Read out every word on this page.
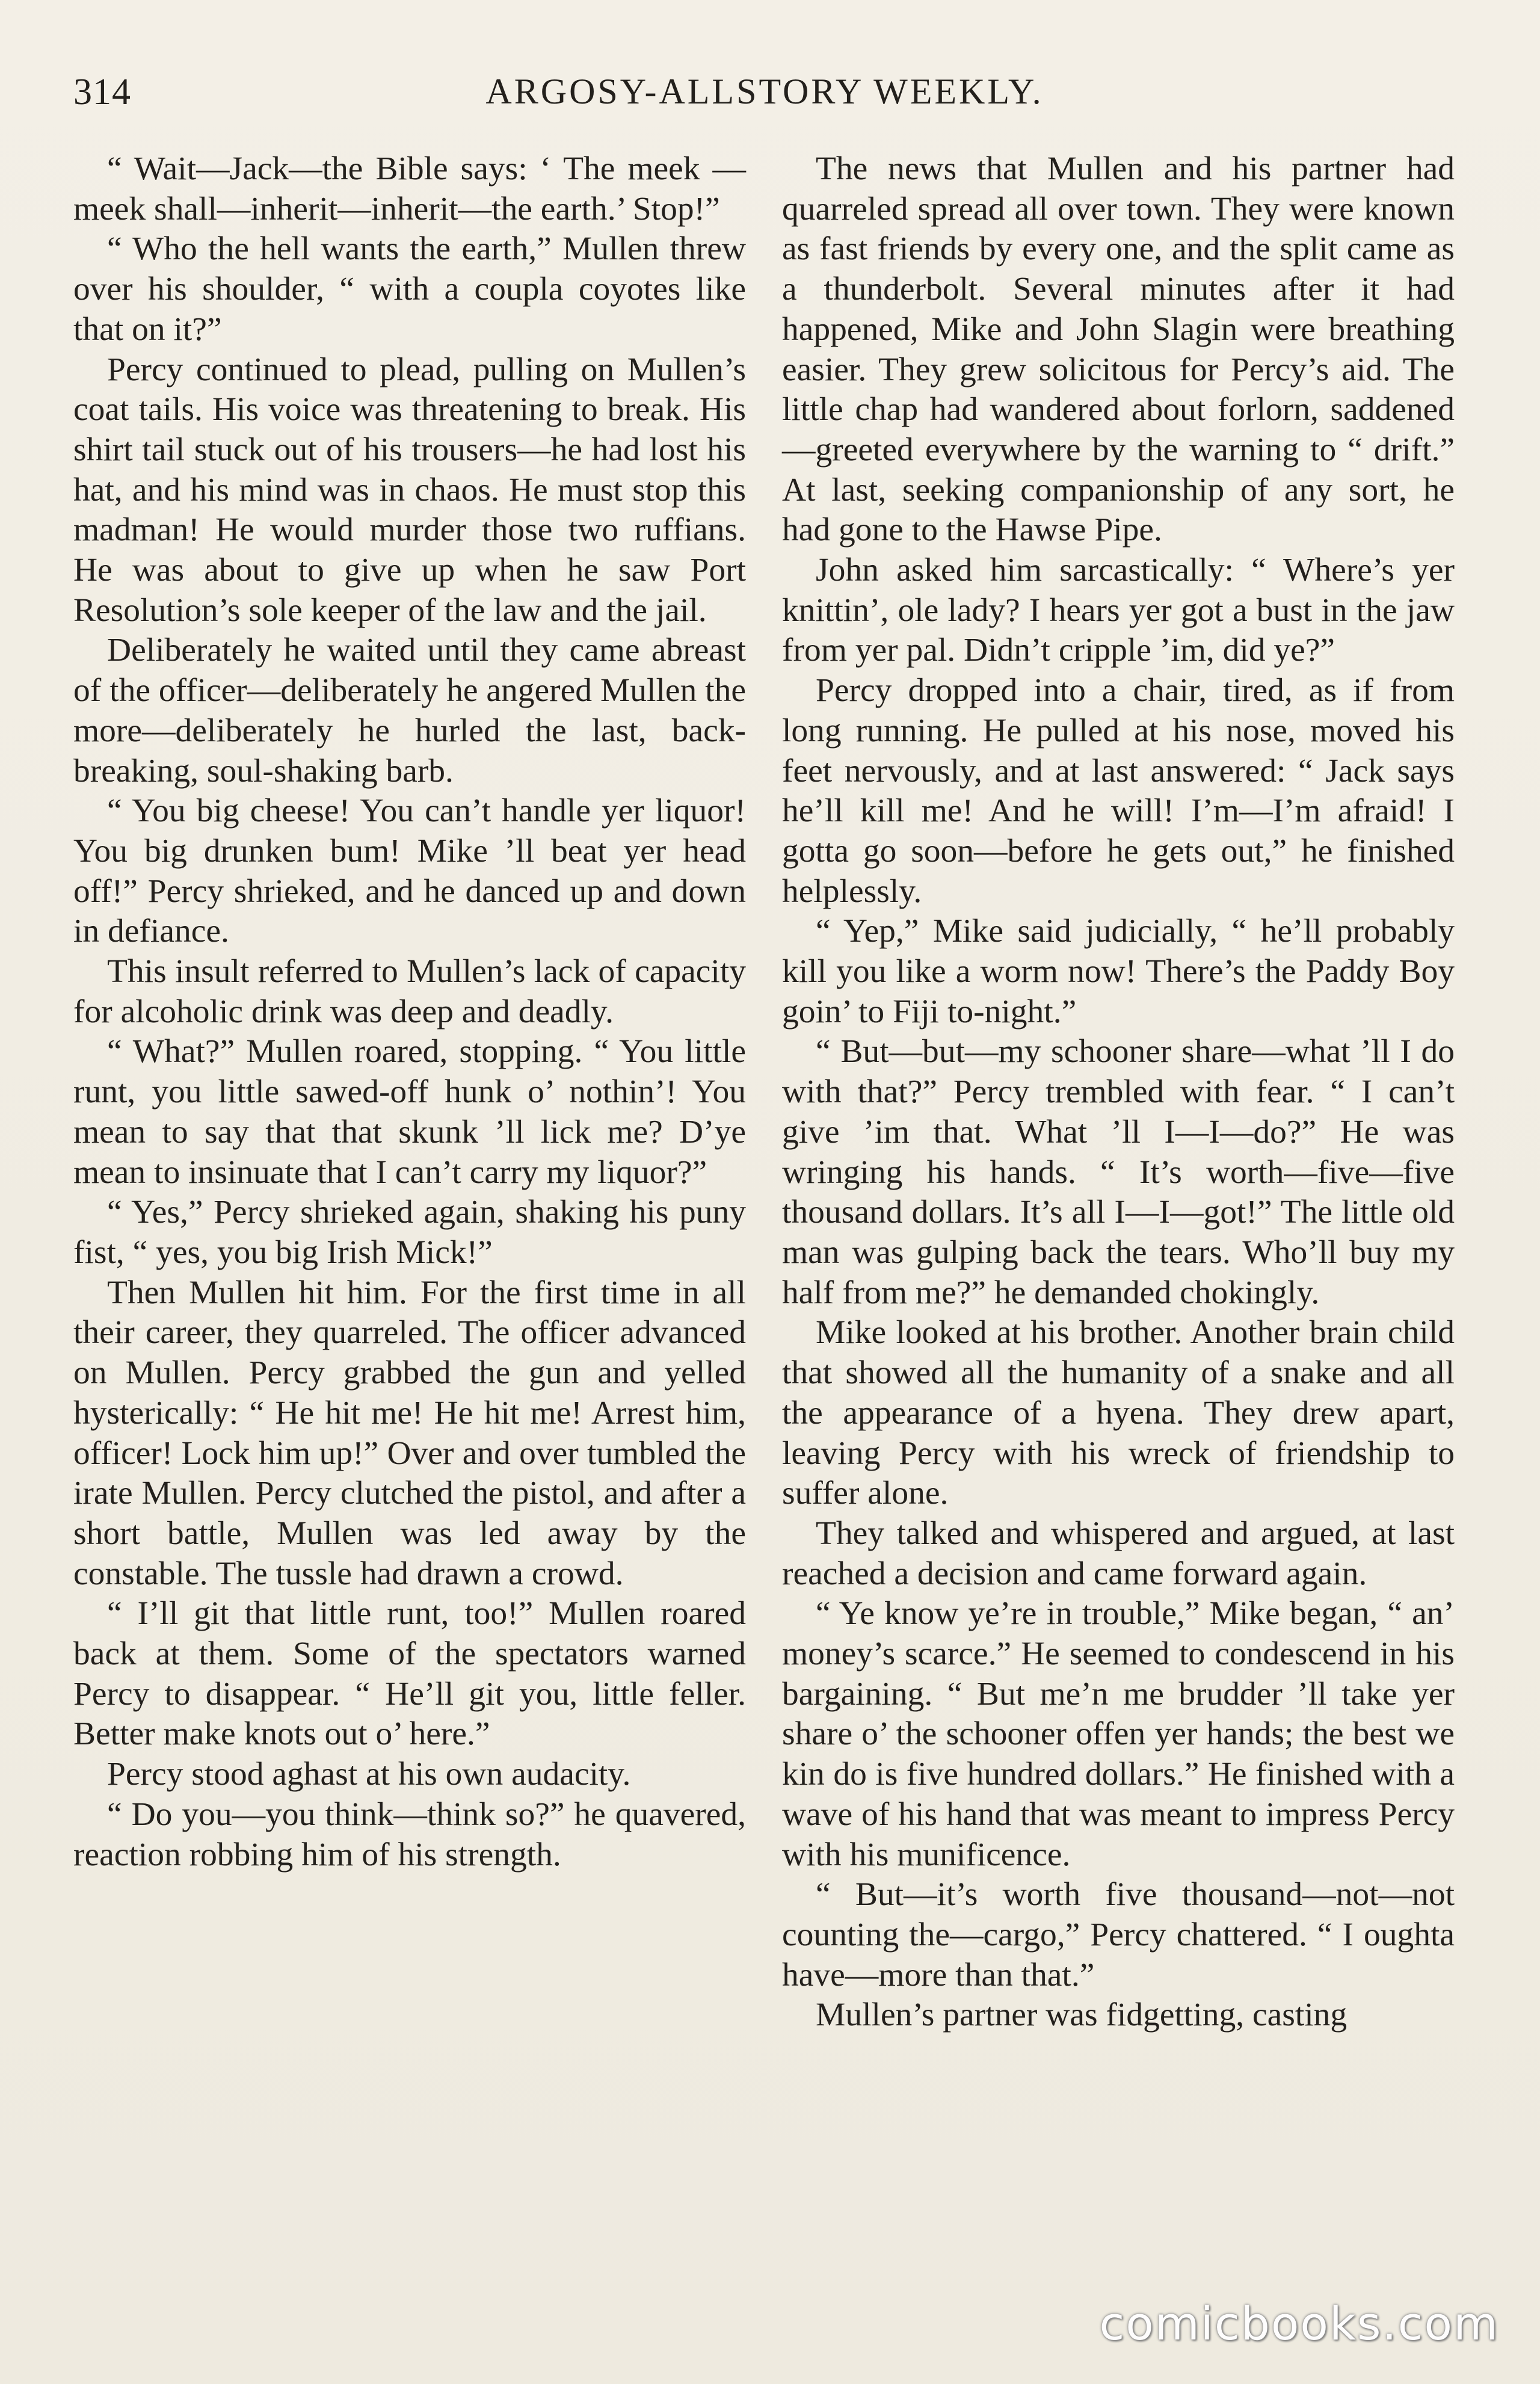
314	ARGOSY-ALLSTORY WEEKLY.

“ Wait—Jack—the Bible says: ‘ The meek — meek shall—inherit—inherit—the earth.’ Stop!”

“ Who the hell wants the earth,” Mullen threw over his shoulder, “ with a coupla coyotes like that on it?”

Percy continued to plead, pulling on Mullen’s coat tails. His voice was threatening to break. His shirt tail stuck out of his trousers—he had lost his hat, and his mind was in chaos. He must stop this madman! He would murder those two ruffians. He was about to give up when he saw Port Resolution’s sole keeper of the law and the jail.

Deliberately he waited until they came abreast of the officer—deliberately he angered Mullen the more—deliberately he hurled the last, back-breaking, soul-shaking barb.

“ You big cheese! You can’t handle yer liquor! You big drunken bum! Mike ’ll beat yer head off!” Percy shrieked, and he danced up and down in defiance.

This insult referred to Mullen’s lack of capacity for alcoholic drink was deep and deadly.

“ What?” Mullen roared, stopping. “ You little runt, you little sawed-off hunk o’ nothin’! You mean to say that that skunk ’ll lick me? D’ye mean to insinuate that I can’t carry my liquor?”

“ Yes,” Percy shrieked again, shaking his puny fist, “ yes, you big Irish Mick!”

Then Mullen hit him. For the first time in all their career, they quarreled. The officer advanced on Mullen. Percy grabbed the gun and yelled hysterically: “ He hit me! He hit me! Arrest him, officer! Lock him up!” Over and over tumbled the irate Mullen. Percy clutched the pistol, and after a short battle, Mullen was led away by the constable. The tussle had drawn a crowd.

“ I’ll git that little runt, too!” Mullen roared back at them. Some of the spectators warned Percy to disappear. “ He’ll git you, little feller. Better make knots out o’ here.”

Percy stood aghast at his own audacity.

“ Do you—you think—think so?” he quavered, reaction robbing him of his strength.

The news that Mullen and his partner had quarreled spread all over town. They were known as fast friends by every one, and the split came as a thunderbolt. Several minutes after it had happened, Mike and John Slagin were breathing easier. They grew solicitous for Percy’s aid. The little chap had wandered about forlorn, saddened—greeted everywhere by the warning to “ drift.” At last, seeking companionship of any sort, he had gone to the Hawse Pipe.

John asked him sarcastically: “ Where’s yer knittin’, ole lady? I hears yer got a bust in the jaw from yer pal. Didn’t cripple ’im, did ye?”

Percy dropped into a chair, tired, as if from long running. He pulled at his nose, moved his feet nervously, and at last answered: “ Jack says he’ll kill me! And he will! I’m—I’m afraid! I gotta go soon—before he gets out,” he finished helplessly.

“ Yep,” Mike said judicially, “ he’ll probably kill you like a worm now! There’s the Paddy Boy goin’ to Fiji to-night.”

“ But—but—my schooner share—what ’ll I do with that?” Percy trembled with fear. “ I can’t give ’im that. What ’ll I—I—do?” He was wringing his hands. “ It’s worth—five—five thousand dollars. It’s all I—I—got!” The little old man was gulping back the tears. Who’ll buy my half from me?” he demanded chokingly.

Mike looked at his brother. Another brain child that showed all the humanity of a snake and all the appearance of a hyena. They drew apart, leaving Percy with his wreck of friendship to suffer alone.

They talked and whispered and argued, at last reached a decision and came forward again.

“ Ye know ye’re in trouble,” Mike began, “ an’ money’s scarce.” He seemed to condescend in his bargaining. “ But me’n me brudder ’ll take yer share o’ the schooner offen yer hands; the best we kin do is five hundred dollars.” He finished with a wave of his hand that was meant to impress Percy with his munificence.

“ But—it’s worth five thousand—not—not counting the—cargo,” Percy chattered. “ I oughta have—more than that.”

Mullen’s partner was fidgetting, casting

comicbooks.com
